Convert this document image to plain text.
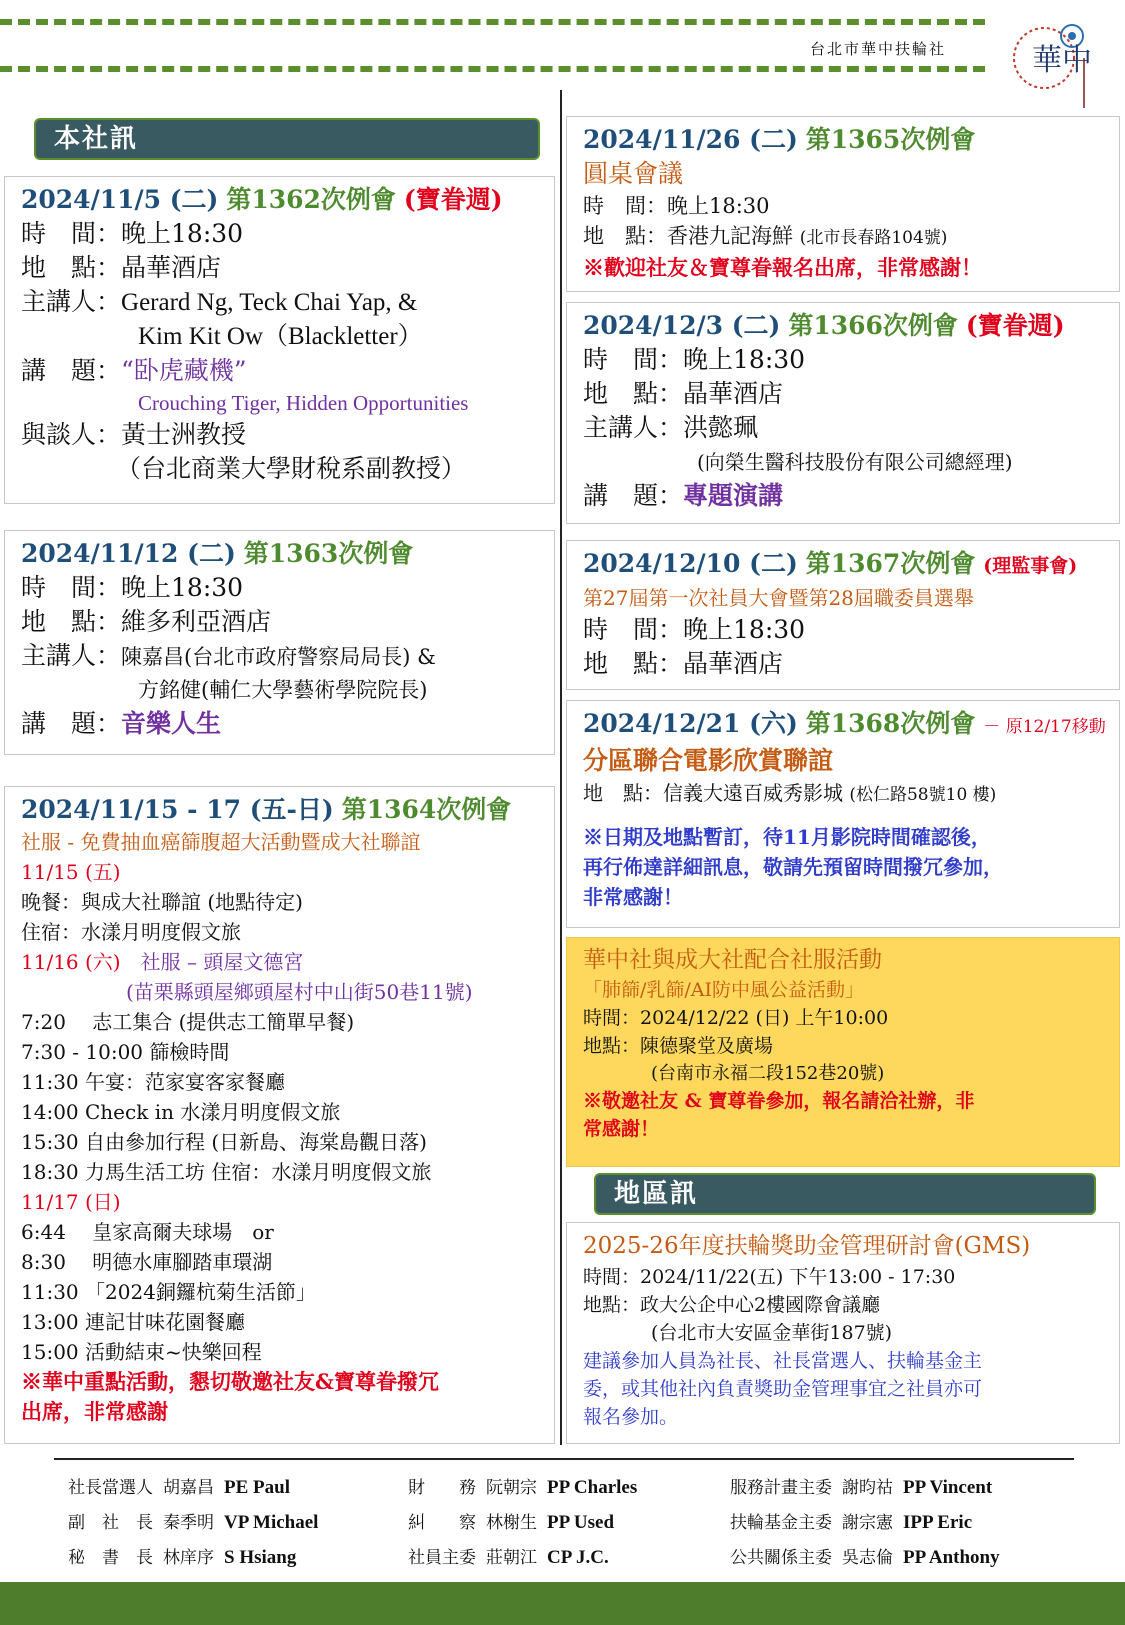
台北市華中扶輪社	華中
本社訊
2024/11/5 (二) 第1362次例會 (寶眷週)
時　間：晚上18:30
地　點：晶華酒店
主講人：Gerard Ng, Teck Chai Yap, &
Kim Kit Ow（Blackletter）
講　題：“卧虎藏機”
Crouching Tiger, Hidden Opportunities
與談人：黃士洲教授
（台北商業大學財稅系副教授）
2024/11/12 (二) 第1363次例會
時　間：晚上18:30
地　點：維多利亞酒店
主講人：陳嘉昌(台北市政府警察局局長) &
方銘健(輔仁大學藝術學院院長)
講　題：音樂人生
2024/11/15 - 17 (五-日) 第1364次例會
社服 - 免費抽血癌篩腹超大活動暨成大社聯誼
11/15 (五)
晚餐：與成大社聯誼 (地點待定)
住宿：水漾月明度假文旅
11/16 (六)　 社服 – 頭屋文德宮
(苗栗縣頭屋鄉頭屋村中山街50巷11號)
7:20　 志工集合 (提供志工簡單早餐)
7:30 - 10:00 篩檢時間
11:30 午宴：范家宴客家餐廳
14:00 Check in 水漾月明度假文旅
15:30 自由參加行程 (日新島、海棠島觀日落)
18:30 力馬生活工坊 住宿：水漾月明度假文旅
11/17 (日)
6:44　 皇家高爾夫球場　or
8:30　 明德水庫腳踏車環湖
11:30 「2024銅鑼杭菊生活節」
13:00 連記甘味花園餐廳
15:00 活動結束~快樂回程
※華中重點活動，懇切敬邀社友&寶尊眷撥冗
出席，非常感謝
2024/11/26 (二) 第1365次例會
圓桌會議
時　間：晚上18:30
地　點：香港九記海鮮 (北市長春路104號)
※歡迎社友＆寶尊眷報名出席，非常感謝！
2024/12/3 (二) 第1366次例會 (寶眷週)
時　間：晚上18:30
地　點：晶華酒店
主講人：洪懿珮
(向榮生醫科技股份有限公司總經理)
講　題：專題演講
2024/12/10 (二) 第1367次例會 (理監事會)
第27屆第一次社員大會暨第28屆職委員選舉
時　間：晚上18:30
地　點：晶華酒店
2024/12/21 (六) 第1368次例會 － 原12/17移動
分區聯合電影欣賞聯誼
地　點：信義大遠百威秀影城 (松仁路58號10 樓)
※日期及地點暫訂，待11月影院時間確認後，
再行佈達詳細訊息，敬請先預留時間撥冗參加，
非常感謝！
華中社與成大社配合社服活動
「肺篩/乳篩/AI防中風公益活動」
時間：2024/12/22 (日) 上午10:00
地點：陳德聚堂及廣場
(台南市永福二段152巷20號)
※敬邀社友 & 寶尊眷參加，報名請洽社辦，非
常感謝！
地區訊
2025-26年度扶輪獎助金管理研討會(GMS)
時間：2024/11/22(五) 下午13:00 - 17:30
地點：政大公企中心2樓國際會議廳
(台北市大安區金華街187號)
建議參加人員為社長、社長當選人、扶輪基金主
委，或其他社內負責獎助金管理事宜之社員亦可
報名參加。
社長當選人 胡嘉昌 PE Paul	財　　務 阮朝宗 PP Charles	服務計畫主委 謝昀祜 PP Vincent
副　社　長 秦季明 VP Michael	糾　　察 林榭生 PP Used	扶輪基金主委 謝宗憲 IPP Eric
秘　書　長 林庠序 S Hsiang	社員主委 莊朝江 CP J.C.	公共關係主委 吳志倫 PP Anthony
